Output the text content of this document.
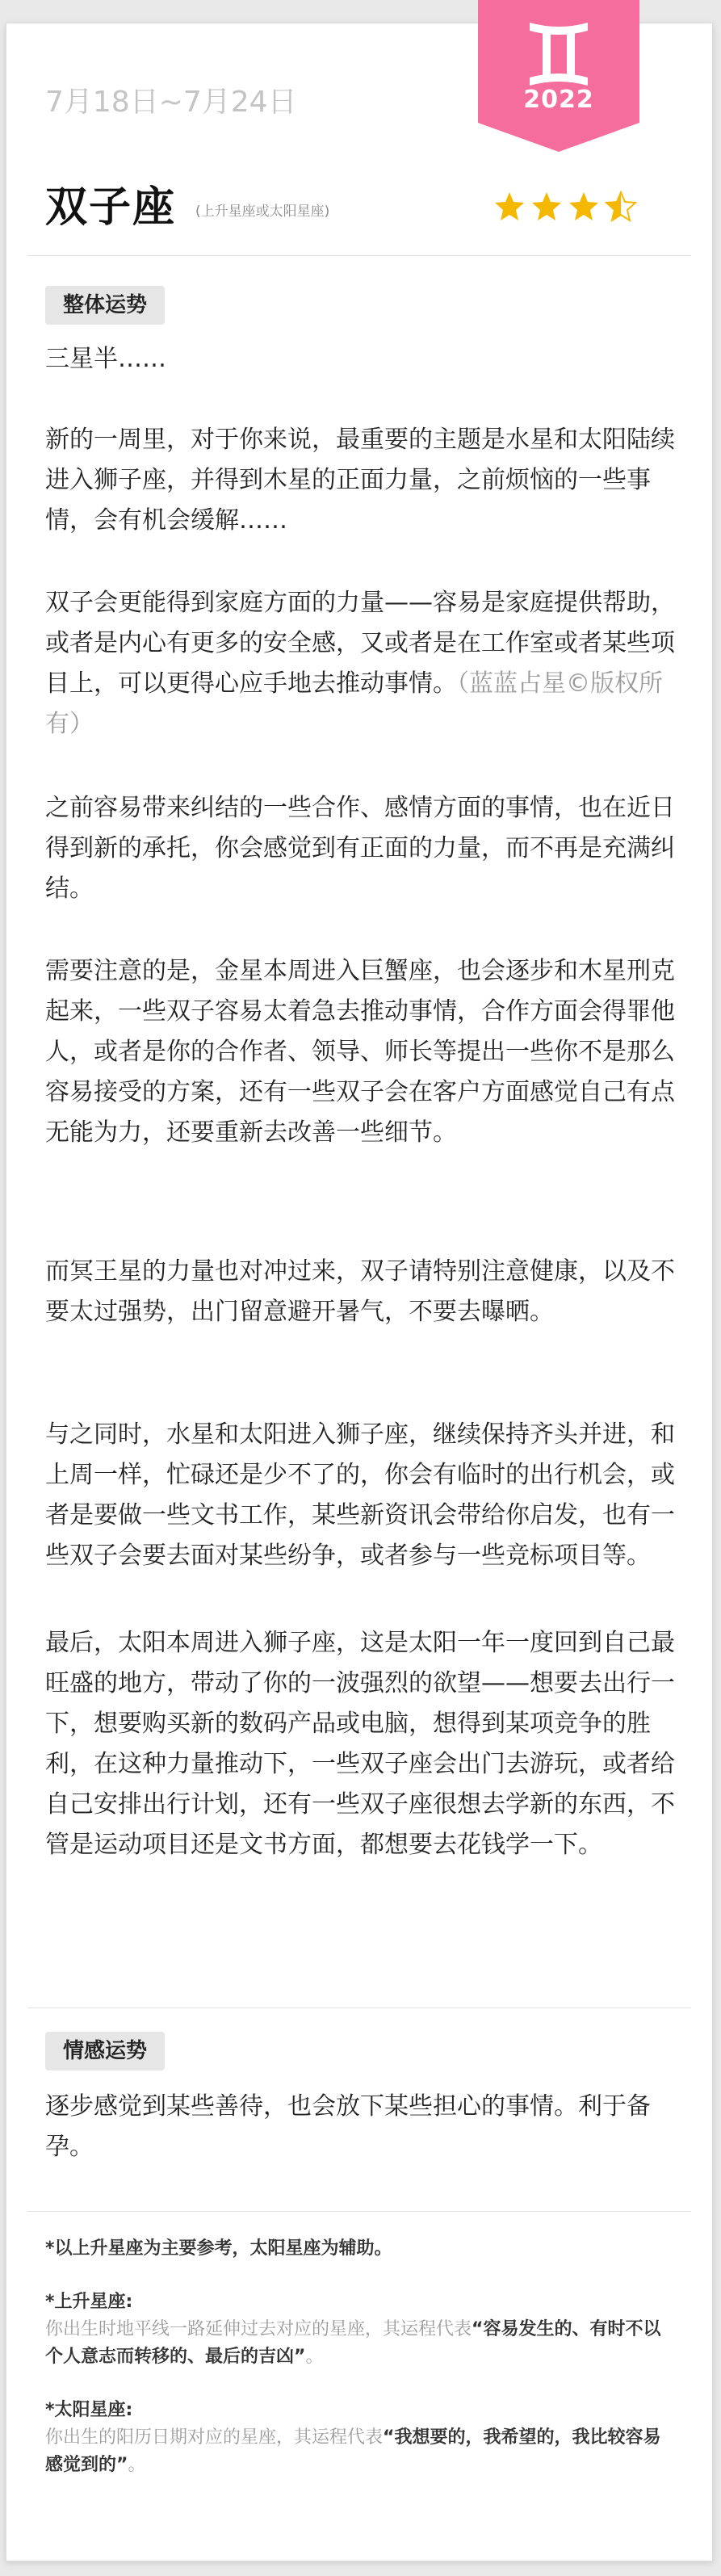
2022
7月18日~7月24日
双子座 (上升星座或太阳星座)
整体运势
三星半……
新的一周里，对于你来说，最重要的主题是水星和太阳陆续进入狮子座，并得到木星的正面力量，之前烦恼的一些事情，会有机会缓解……
双子会更能得到家庭方面的力量——容易是家庭提供帮助，或者是内心有更多的安全感，又或者是在工作室或者某些项目上，可以更得心应手地去推动事情。（蓝蓝占星©版权所有）
之前容易带来纠结的一些合作、感情方面的事情，也在近日得到新的承托，你会感觉到有正面的力量，而不再是充满纠结。
需要注意的是，金星本周进入巨蟹座，也会逐步和木星刑克起来，一些双子容易太着急去推动事情，合作方面会得罪他人，或者是你的合作者、领导、师长等提出一些你不是那么容易接受的方案，还有一些双子会在客户方面感觉自己有点无能为力，还要重新去改善一些细节。
而冥王星的力量也对冲过来，双子请特别注意健康，以及不要太过强势，出门留意避开暑气，不要去曝晒。
与之同时，水星和太阳进入狮子座，继续保持齐头并进，和上周一样，忙碌还是少不了的，你会有临时的出行机会，或者是要做一些文书工作，某些新资讯会带给你启发，也有一些双子会要去面对某些纷争，或者参与一些竞标项目等。
最后，太阳本周进入狮子座，这是太阳一年一度回到自己最旺盛的地方，带动了你的一波强烈的欲望——想要去出行一下，想要购买新的数码产品或电脑，想得到某项竞争的胜利，在这种力量推动下，一些双子座会出门去游玩，或者给自己安排出行计划，还有一些双子座很想去学新的东西，不管是运动项目还是文书方面，都想要去花钱学一下。
情感运势
逐步感觉到某些善待，也会放下某些担心的事情。利于备孕。
*以上升星座为主要参考，太阳星座为辅助。
*上升星座:
你出生时地平线一路延伸过去对应的星座，其运程代表“容易发生的、有时不以个人意志而转移的、最后的吉凶”。
*太阳星座:
你出生的阳历日期对应的星座，其运程代表“我想要的，我希望的，我比较容易感觉到的”。
